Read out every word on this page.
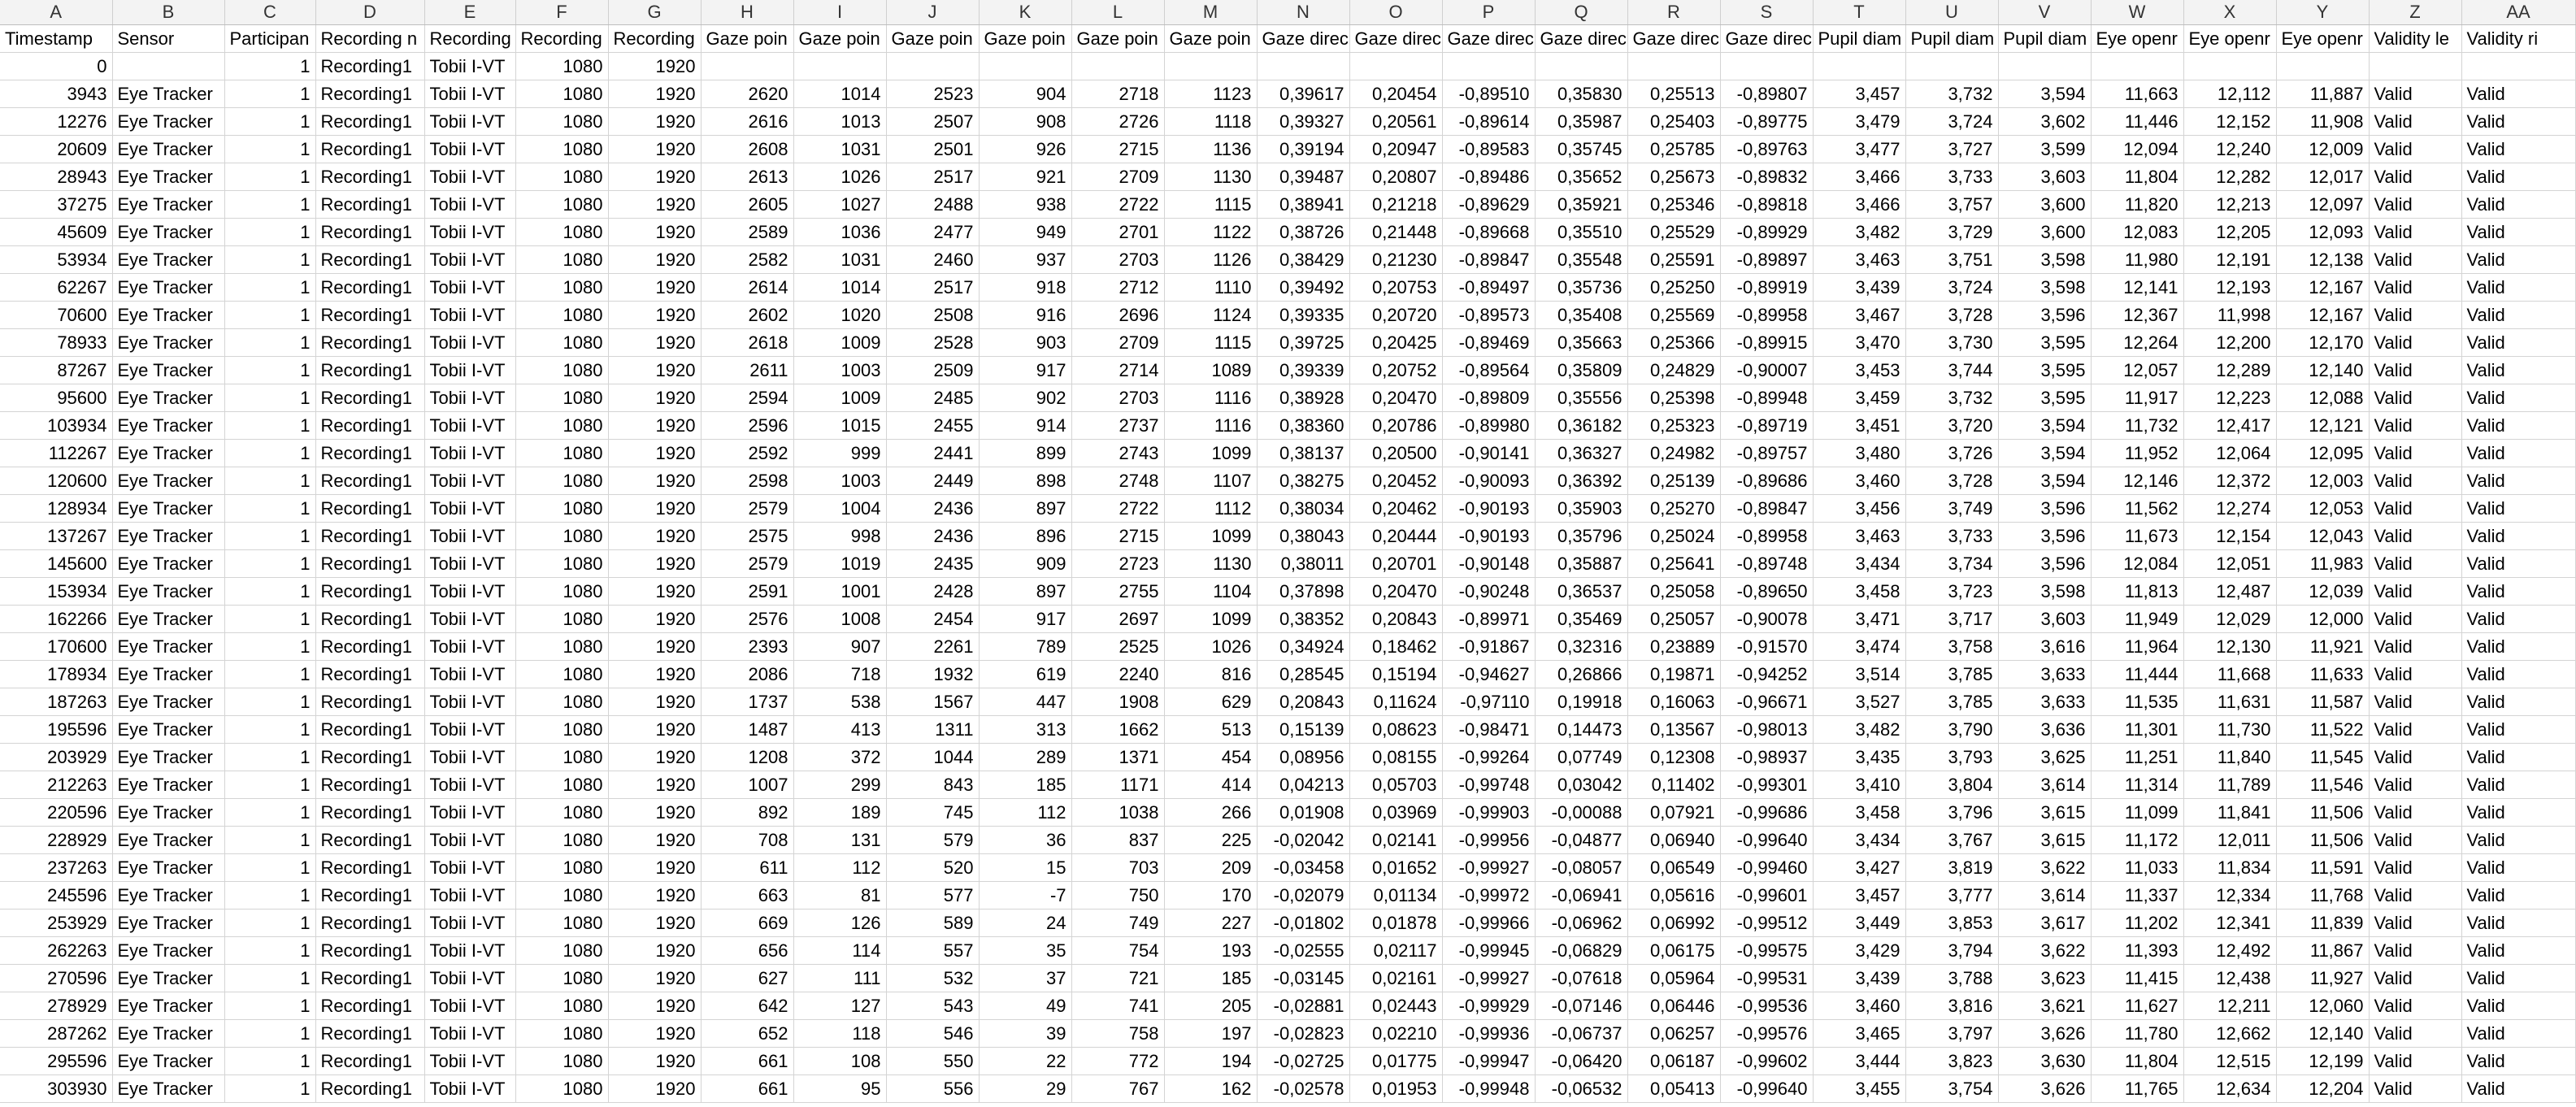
A	B	C	D	E	F	G	H	I	J	K	L	M	N	O	P	Q	R	S	T	U	V	W	X	Y	Z	AA
Timestamp	Sensor	Participan	Recording n	Recording	Recording	Recording	Gaze poin	Gaze poin	Gaze poin	Gaze poin	Gaze poin	Gaze poin	Gaze direc	Gaze direc	Gaze direc	Gaze direc	Gaze direc	Gaze direc	Pupil diam	Pupil diam	Pupil diam	Eye openr	Eye openr	Eye openr	Validity le	Validity ri
0		1	Recording1	Tobii I-VT	1080	1920																				
3943	Eye Tracker	1	Recording1	Tobii I-VT	1080	1920	2620	1014	2523	904	2718	1123	0,39617	0,20454	-0,89510	0,35830	0,25513	-0,89807	3,457	3,732	3,594	11,663	12,112	11,887	Valid	Valid
12276	Eye Tracker	1	Recording1	Tobii I-VT	1080	1920	2616	1013	2507	908	2726	1118	0,39327	0,20561	-0,89614	0,35987	0,25403	-0,89775	3,479	3,724	3,602	11,446	12,152	11,908	Valid	Valid
20609	Eye Tracker	1	Recording1	Tobii I-VT	1080	1920	2608	1031	2501	926	2715	1136	0,39194	0,20947	-0,89583	0,35745	0,25785	-0,89763	3,477	3,727	3,599	12,094	12,240	12,009	Valid	Valid
28943	Eye Tracker	1	Recording1	Tobii I-VT	1080	1920	2613	1026	2517	921	2709	1130	0,39487	0,20807	-0,89486	0,35652	0,25673	-0,89832	3,466	3,733	3,603	11,804	12,282	12,017	Valid	Valid
37275	Eye Tracker	1	Recording1	Tobii I-VT	1080	1920	2605	1027	2488	938	2722	1115	0,38941	0,21218	-0,89629	0,35921	0,25346	-0,89818	3,466	3,757	3,600	11,820	12,213	12,097	Valid	Valid
45609	Eye Tracker	1	Recording1	Tobii I-VT	1080	1920	2589	1036	2477	949	2701	1122	0,38726	0,21448	-0,89668	0,35510	0,25529	-0,89929	3,482	3,729	3,600	12,083	12,205	12,093	Valid	Valid
53934	Eye Tracker	1	Recording1	Tobii I-VT	1080	1920	2582	1031	2460	937	2703	1126	0,38429	0,21230	-0,89847	0,35548	0,25591	-0,89897	3,463	3,751	3,598	11,980	12,191	12,138	Valid	Valid
62267	Eye Tracker	1	Recording1	Tobii I-VT	1080	1920	2614	1014	2517	918	2712	1110	0,39492	0,20753	-0,89497	0,35736	0,25250	-0,89919	3,439	3,724	3,598	12,141	12,193	12,167	Valid	Valid
70600	Eye Tracker	1	Recording1	Tobii I-VT	1080	1920	2602	1020	2508	916	2696	1124	0,39335	0,20720	-0,89573	0,35408	0,25569	-0,89958	3,467	3,728	3,596	12,367	11,998	12,167	Valid	Valid
78933	Eye Tracker	1	Recording1	Tobii I-VT	1080	1920	2618	1009	2528	903	2709	1115	0,39725	0,20425	-0,89469	0,35663	0,25366	-0,89915	3,470	3,730	3,595	12,264	12,200	12,170	Valid	Valid
87267	Eye Tracker	1	Recording1	Tobii I-VT	1080	1920	2611	1003	2509	917	2714	1089	0,39339	0,20752	-0,89564	0,35809	0,24829	-0,90007	3,453	3,744	3,595	12,057	12,289	12,140	Valid	Valid
95600	Eye Tracker	1	Recording1	Tobii I-VT	1080	1920	2594	1009	2485	902	2703	1116	0,38928	0,20470	-0,89809	0,35556	0,25398	-0,89948	3,459	3,732	3,595	11,917	12,223	12,088	Valid	Valid
103934	Eye Tracker	1	Recording1	Tobii I-VT	1080	1920	2596	1015	2455	914	2737	1116	0,38360	0,20786	-0,89980	0,36182	0,25323	-0,89719	3,451	3,720	3,594	11,732	12,417	12,121	Valid	Valid
112267	Eye Tracker	1	Recording1	Tobii I-VT	1080	1920	2592	999	2441	899	2743	1099	0,38137	0,20500	-0,90141	0,36327	0,24982	-0,89757	3,480	3,726	3,594	11,952	12,064	12,095	Valid	Valid
120600	Eye Tracker	1	Recording1	Tobii I-VT	1080	1920	2598	1003	2449	898	2748	1107	0,38275	0,20452	-0,90093	0,36392	0,25139	-0,89686	3,460	3,728	3,594	12,146	12,372	12,003	Valid	Valid
128934	Eye Tracker	1	Recording1	Tobii I-VT	1080	1920	2579	1004	2436	897	2722	1112	0,38034	0,20462	-0,90193	0,35903	0,25270	-0,89847	3,456	3,749	3,596	11,562	12,274	12,053	Valid	Valid
137267	Eye Tracker	1	Recording1	Tobii I-VT	1080	1920	2575	998	2436	896	2715	1099	0,38043	0,20444	-0,90193	0,35796	0,25024	-0,89958	3,463	3,733	3,596	11,673	12,154	12,043	Valid	Valid
145600	Eye Tracker	1	Recording1	Tobii I-VT	1080	1920	2579	1019	2435	909	2723	1130	0,38011	0,20701	-0,90148	0,35887	0,25641	-0,89748	3,434	3,734	3,596	12,084	12,051	11,983	Valid	Valid
153934	Eye Tracker	1	Recording1	Tobii I-VT	1080	1920	2591	1001	2428	897	2755	1104	0,37898	0,20470	-0,90248	0,36537	0,25058	-0,89650	3,458	3,723	3,598	11,813	12,487	12,039	Valid	Valid
162266	Eye Tracker	1	Recording1	Tobii I-VT	1080	1920	2576	1008	2454	917	2697	1099	0,38352	0,20843	-0,89971	0,35469	0,25057	-0,90078	3,471	3,717	3,603	11,949	12,029	12,000	Valid	Valid
170600	Eye Tracker	1	Recording1	Tobii I-VT	1080	1920	2393	907	2261	789	2525	1026	0,34924	0,18462	-0,91867	0,32316	0,23889	-0,91570	3,474	3,758	3,616	11,964	12,130	11,921	Valid	Valid
178934	Eye Tracker	1	Recording1	Tobii I-VT	1080	1920	2086	718	1932	619	2240	816	0,28545	0,15194	-0,94627	0,26866	0,19871	-0,94252	3,514	3,785	3,633	11,444	11,668	11,633	Valid	Valid
187263	Eye Tracker	1	Recording1	Tobii I-VT	1080	1920	1737	538	1567	447	1908	629	0,20843	0,11624	-0,97110	0,19918	0,16063	-0,96671	3,527	3,785	3,633	11,535	11,631	11,587	Valid	Valid
195596	Eye Tracker	1	Recording1	Tobii I-VT	1080	1920	1487	413	1311	313	1662	513	0,15139	0,08623	-0,98471	0,14473	0,13567	-0,98013	3,482	3,790	3,636	11,301	11,730	11,522	Valid	Valid
203929	Eye Tracker	1	Recording1	Tobii I-VT	1080	1920	1208	372	1044	289	1371	454	0,08956	0,08155	-0,99264	0,07749	0,12308	-0,98937	3,435	3,793	3,625	11,251	11,840	11,545	Valid	Valid
212263	Eye Tracker	1	Recording1	Tobii I-VT	1080	1920	1007	299	843	185	1171	414	0,04213	0,05703	-0,99748	0,03042	0,11402	-0,99301	3,410	3,804	3,614	11,314	11,789	11,546	Valid	Valid
220596	Eye Tracker	1	Recording1	Tobii I-VT	1080	1920	892	189	745	112	1038	266	0,01908	0,03969	-0,99903	-0,00088	0,07921	-0,99686	3,458	3,796	3,615	11,099	11,841	11,506	Valid	Valid
228929	Eye Tracker	1	Recording1	Tobii I-VT	1080	1920	708	131	579	36	837	225	-0,02042	0,02141	-0,99956	-0,04877	0,06940	-0,99640	3,434	3,767	3,615	11,172	12,011	11,506	Valid	Valid
237263	Eye Tracker	1	Recording1	Tobii I-VT	1080	1920	611	112	520	15	703	209	-0,03458	0,01652	-0,99927	-0,08057	0,06549	-0,99460	3,427	3,819	3,622	11,033	11,834	11,591	Valid	Valid
245596	Eye Tracker	1	Recording1	Tobii I-VT	1080	1920	663	81	577	-7	750	170	-0,02079	0,01134	-0,99972	-0,06941	0,05616	-0,99601	3,457	3,777	3,614	11,337	12,334	11,768	Valid	Valid
253929	Eye Tracker	1	Recording1	Tobii I-VT	1080	1920	669	126	589	24	749	227	-0,01802	0,01878	-0,99966	-0,06962	0,06992	-0,99512	3,449	3,853	3,617	11,202	12,341	11,839	Valid	Valid
262263	Eye Tracker	1	Recording1	Tobii I-VT	1080	1920	656	114	557	35	754	193	-0,02555	0,02117	-0,99945	-0,06829	0,06175	-0,99575	3,429	3,794	3,622	11,393	12,492	11,867	Valid	Valid
270596	Eye Tracker	1	Recording1	Tobii I-VT	1080	1920	627	111	532	37	721	185	-0,03145	0,02161	-0,99927	-0,07618	0,05964	-0,99531	3,439	3,788	3,623	11,415	12,438	11,927	Valid	Valid
278929	Eye Tracker	1	Recording1	Tobii I-VT	1080	1920	642	127	543	49	741	205	-0,02881	0,02443	-0,99929	-0,07146	0,06446	-0,99536	3,460	3,816	3,621	11,627	12,211	12,060	Valid	Valid
287262	Eye Tracker	1	Recording1	Tobii I-VT	1080	1920	652	118	546	39	758	197	-0,02823	0,02210	-0,99936	-0,06737	0,06257	-0,99576	3,465	3,797	3,626	11,780	12,662	12,140	Valid	Valid
295596	Eye Tracker	1	Recording1	Tobii I-VT	1080	1920	661	108	550	22	772	194	-0,02725	0,01775	-0,99947	-0,06420	0,06187	-0,99602	3,444	3,823	3,630	11,804	12,515	12,199	Valid	Valid
303930	Eye Tracker	1	Recording1	Tobii I-VT	1080	1920	661	95	556	29	767	162	-0,02578	0,01953	-0,99948	-0,06532	0,05413	-0,99640	3,455	3,754	3,626	11,765	12,634	12,204	Valid	Valid
